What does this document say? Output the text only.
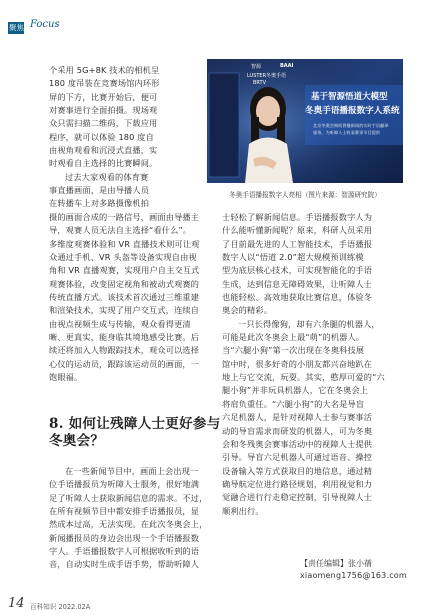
聚焦 Focus

个采用 5G+8K 技术的相机呈

180 度吊装在竞赛场馆内环形

屏的下方，比赛开始后，便可

对赛事进行全面拍摄。现场观

众只需扫描二维码，下载应用

程序，就可以体验 180 度自

由视角观看和沉浸式直播，实

时观看自主选择的比赛瞬间。

过去大家观看的体育赛

事直播画面，是由导播人员

在转播车上对多路摄像机拍

摄的画面合成的一路信号，画面由导播主

导，观赛人员无法自主选择“看什么”。

多维度观赛体验和 VR 直播技术则可让观

众通过手机、VR 头盔等设备实现自由视

角和 VR 直播观赛，实现用户自主交互式

观赛体验，改变固定视角和被动式观赛的

传统直播方式。该技术首次通过三维重建

和渲染技术，实现了用户交互式，连续自

由视点视频生成与传输，观众看得更清

晰、更真实，能身临其境地感受比赛。后

续还将加入人物跟踪技术，观众可以选择

心仪的运动员，跟踪该运动员的画面，一

饱眼福。

8. 如何让残障人士更好参与
冬奥会？

在一些新闻节目中，画面上会出现一

位手语播报员为听障人士服务，很好地满

足了听障人士获取新闻信息的需求。不过，

在所有视频节目中都安排手语播报员，显

然成本过高，无法实现。在此次冬奥会上，

新闻播报员的身边会出现一个手语播报数

字人。手语播报数字人可根据收听到的语

音，自动实时生成手语手势，帮助听障人

智源	BAAI
LUSTER冬奥手语
BRTV
基于智源悟道大模型
冬奥手语播报数字人系统
北京冬奥会期间将播新闻的实时手语翻译
服务，为听障人士收看赛事节目提供
冬奥手语播报数字人亮相（图片来源：智源研究院）

士轻松了解新闻信息。手语播报数字人为

什么能听懂新闻呢？原来，科研人员采用

了目前最先进的人工智能技术，手语播报

数字人以“悟道 2.0”超大规模预训练模

型为底层核心技术，可实现智能化的手语

生成，达到信息无障碍效果，让听障人士

也能轻松、高效地获取比赛信息，体验冬

奥会的精彩。

一只长得像狗，却有六条腿的机器人，

可能是此次冬奥会上最“萌”的机器人。

当“六腿小狗”第一次出现在冬奥科技展

馆中时，很多好奇的小朋友都兴奋地趴在

地上与它交流，玩耍。其实，憨厚可爱的“六

腿小狗”并非玩具机器人，它在冬奥会上

将肩负重任。“六腿小狗”的大名是导盲

六足机器人，是针对视障人士参与赛事活

动的导盲需求而研发的机器人，可为冬奥

会和冬残奥会赛事活动中的视障人士提供

引导。导盲六足机器人可通过语音、操控

设备输入等方式获取目的地信息，通过精

确导航定位进行路径规划，利用视觉和力

觉融合进行行走稳定控制，引导视障人士

顺利出行。

【责任编辑】张小蒨
xiaomeng1756@163.com
14 百科知识 2022.02A
